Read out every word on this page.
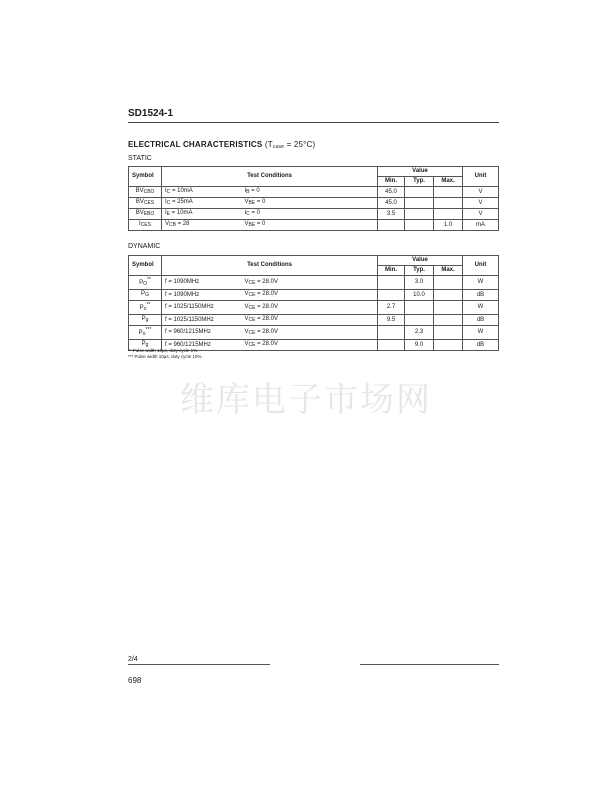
SD1524-1
ELECTRICAL CHARACTERISTICS $(T_{case} = 25^\circ C)$
STATIC
Symbol	Test Conditions		Value			Unit
			Min.	Typ.	Max.	
$BV_{CBO}$	$I_C = 10mA$	$I_B = 0$	45.0			V
$BV_{CES}$	$I_C = 25mA$	$V_{BE} = 0$	45.0			V
$BV_{EBO}$	$I_E = 10mA$	$I_C = 0$	3.5			V
$I_{CES}$	$V_{CB} = 28$	$V_{BE} = 0$			1.0	mA
DYNAMIC
Symbol	Test Conditions		Value			Unit
			Min.	Typ.	Max.	
$P_O^{**}$	f = 1090MHz	$V_{CE} = 28.0V$		3.0		W
$P_G$	f = 1090MHz	$V_{CE} = 28.0V$		10.0		dB
$P_o^{**}$	f = 1025/1150MHz	$V_{CE} = 28.0V$	2.7			W
$P_g$	f = 1025/1150MHz	$V_{CE} = 28.0V$	9.5			dB
$P_o^{***}$	f = 960/1215MHz	$V_{CE} = 28.0V$		2.3		W
$P_g$	f = 960/1215MHz	$V_{CE} = 28.0V$		9.0		dB
** Pulse width 10μs, duty cycle 1%.
*** Pulse width 10μs, duty cycle 10%.
维库电子市场网
2/4
698
